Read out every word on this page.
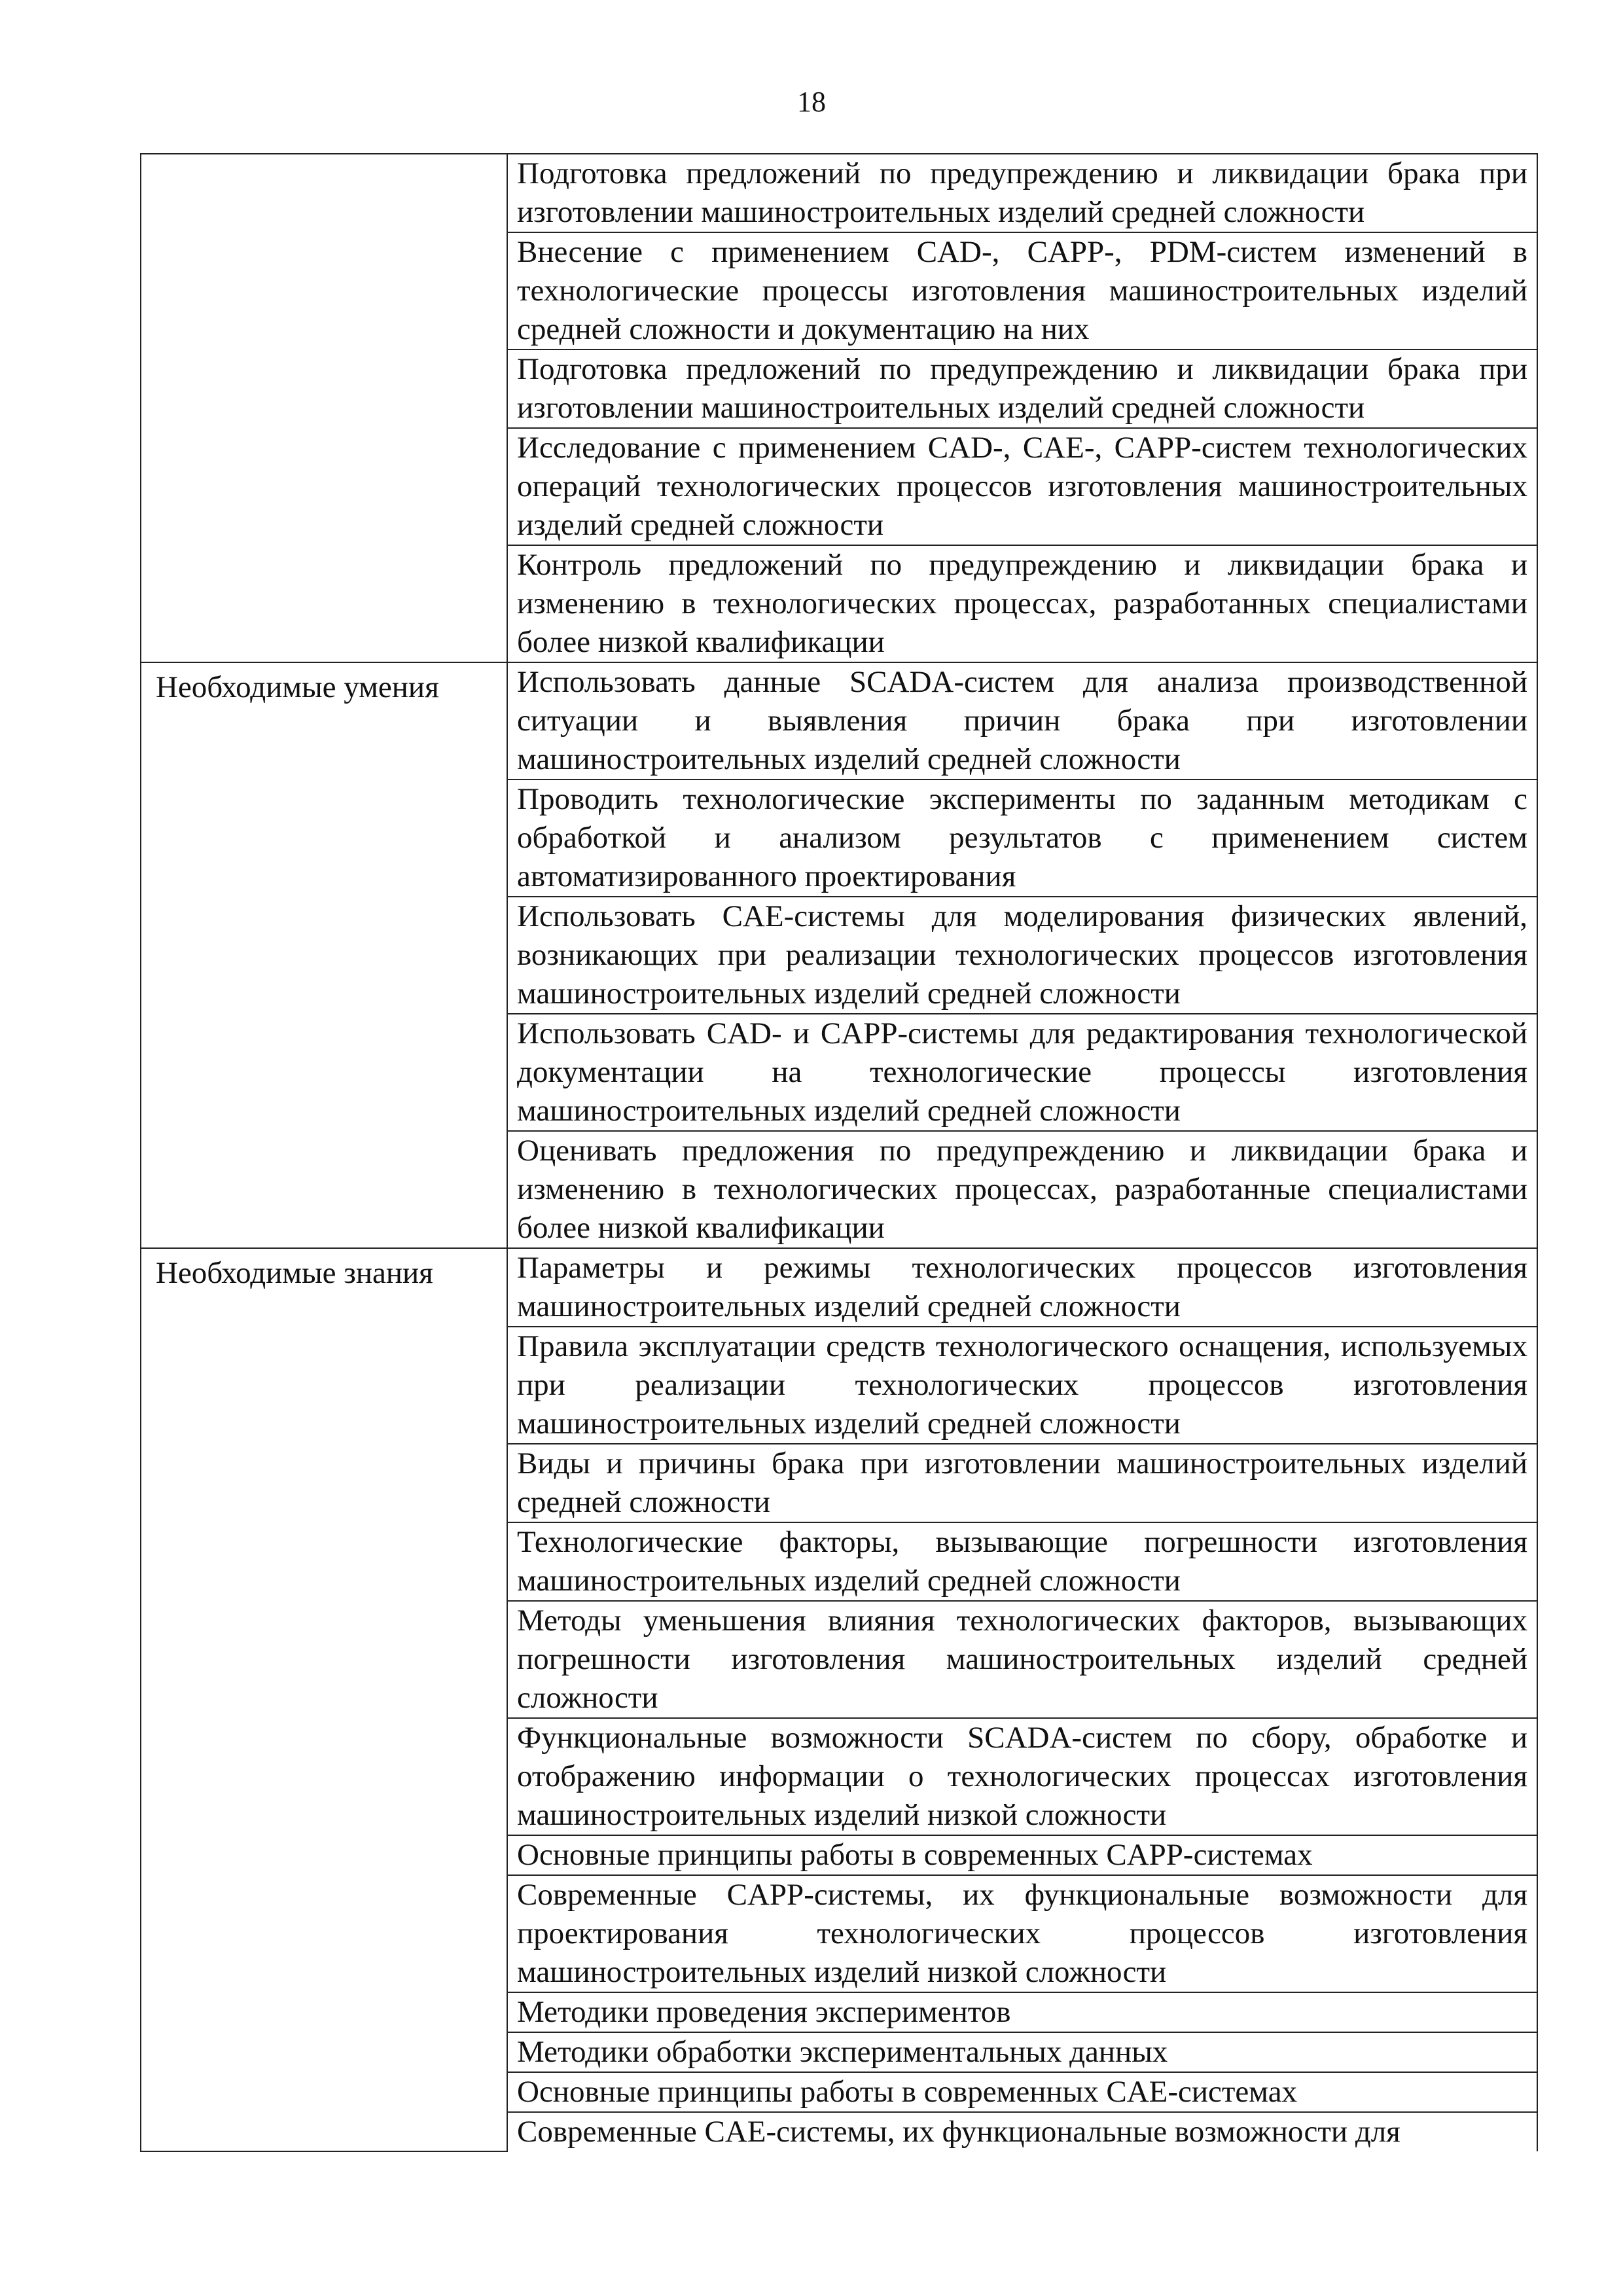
18
	Подготовка предложений по предупреждению и ликвидации брака при изготовлении машиностроительных изделий средней сложности
	Внесение с применением CAD-, CAPP-, PDM-систем изменений в технологические процессы изготовления машиностроительных изделий средней сложности и документацию на них
	Подготовка предложений по предупреждению и ликвидации брака при изготовлении машиностроительных изделий средней сложности
	Исследование с применением CAD-, CAE-, CAPP-систем технологических операций технологических процессов изготовления машиностроительных изделий средней сложности
	Контроль предложений по предупреждению и ликвидации брака и изменению в технологических процессах, разработанных специалистами более низкой квалификации
Необходимые умения	Использовать данные SCADA-систем для анализа производственной ситуации и выявления причин брака при изготовлении машиностроительных изделий средней сложности
	Проводить технологические эксперименты по заданным методикам с обработкой и анализом результатов с применением систем автоматизированного проектирования
	Использовать CAE-системы для моделирования физических явлений, возникающих при реализации технологических процессов изготовления машиностроительных изделий средней сложности
	Использовать CAD- и CAPP-системы для редактирования технологической документации на технологические процессы изготовления машиностроительных изделий средней сложности
	Оценивать предложения по предупреждению и ликвидации брака и изменению в технологических процессах, разработанные специалистами более низкой квалификации
Необходимые знания	Параметры и режимы технологических процессов изготовления машиностроительных изделий средней сложности
	Правила эксплуатации средств технологического оснащения, используемых при реализации технологических процессов изготовления машиностроительных изделий средней сложности
	Виды и причины брака при изготовлении машиностроительных изделий средней сложности
	Технологические факторы, вызывающие погрешности изготовления машиностроительных изделий средней сложности
	Методы уменьшения влияния технологических факторов, вызывающих погрешности изготовления машиностроительных изделий средней сложности
	Функциональные возможности SCADA-систем по сбору, обработке и отображению информации о технологических процессах изготовления машиностроительных изделий низкой сложности
	Основные принципы работы в современных CAPP-системах
	Современные CAPP-системы, их функциональные возможности для проектирования технологических процессов изготовления машиностроительных изделий низкой сложности
	Методики проведения экспериментов
	Методики обработки экспериментальных данных
	Основные принципы работы в современных CAE-системах
	Современные CAE-системы, их функциональные возможности для
